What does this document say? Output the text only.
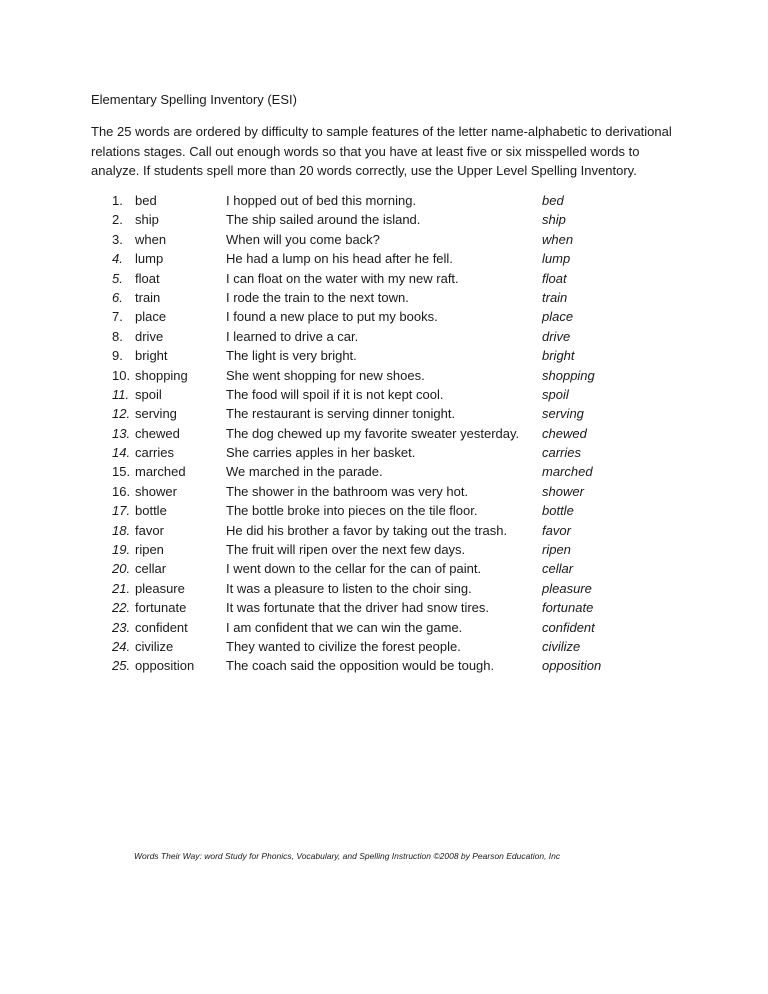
Elementary Spelling Inventory (ESI)

The 25 words are ordered by difficulty to sample features of the letter name-alphabetic to derivational relations stages. Call out enough words so that you have at least five or six misspelled words to analyze. If students spell more than 20 words correctly, use the Upper Level Spelling Inventory.

1. bed	I hopped out of bed this morning.	bed
2. ship	The ship sailed around the island.	ship
3. when	When will you come back?	when
4. lump	He had a lump on his head after he fell.	lump
5. float	I can float on the water with my new raft.	float
6. train	I rode the train to the next town.	train
7. place	I found a new place to put my books.	place
8. drive	I learned to drive a car.	drive
9. bright	The light is very bright.	bright
10. shopping	She went shopping for new shoes.	shopping
11. spoil	The food will spoil if it is not kept cool.	spoil
12. serving	The restaurant is serving dinner tonight.	serving
13. chewed	The dog chewed up my favorite sweater yesterday. chewed
14. carries	She carries apples in her basket.	carries
15. marched	We marched in the parade.	marched
16. shower	The shower in the bathroom was very hot.	shower
17. bottle	The bottle broke into pieces on the tile floor.	bottle
18. favor	He did his brother a favor by taking out the trash.	favor
19. ripen	The fruit will ripen over the next few days.	ripen
20. cellar	I went down to the cellar for the can of paint.	cellar
21. pleasure	It was a pleasure to listen to the choir sing.	pleasure
22. fortunate	It was fortunate that the driver had snow tires.	fortunate
23. confident	I am confident that we can win the game.	confident
24. civilize	They wanted to civilize the forest people.	civilize
25. opposition The coach said the opposition would be tough.	opposition
Words Their Way: word Study for Phonics, Vocabulary, and Spelling Instruction ©2008 by Pearson Education, Inc
